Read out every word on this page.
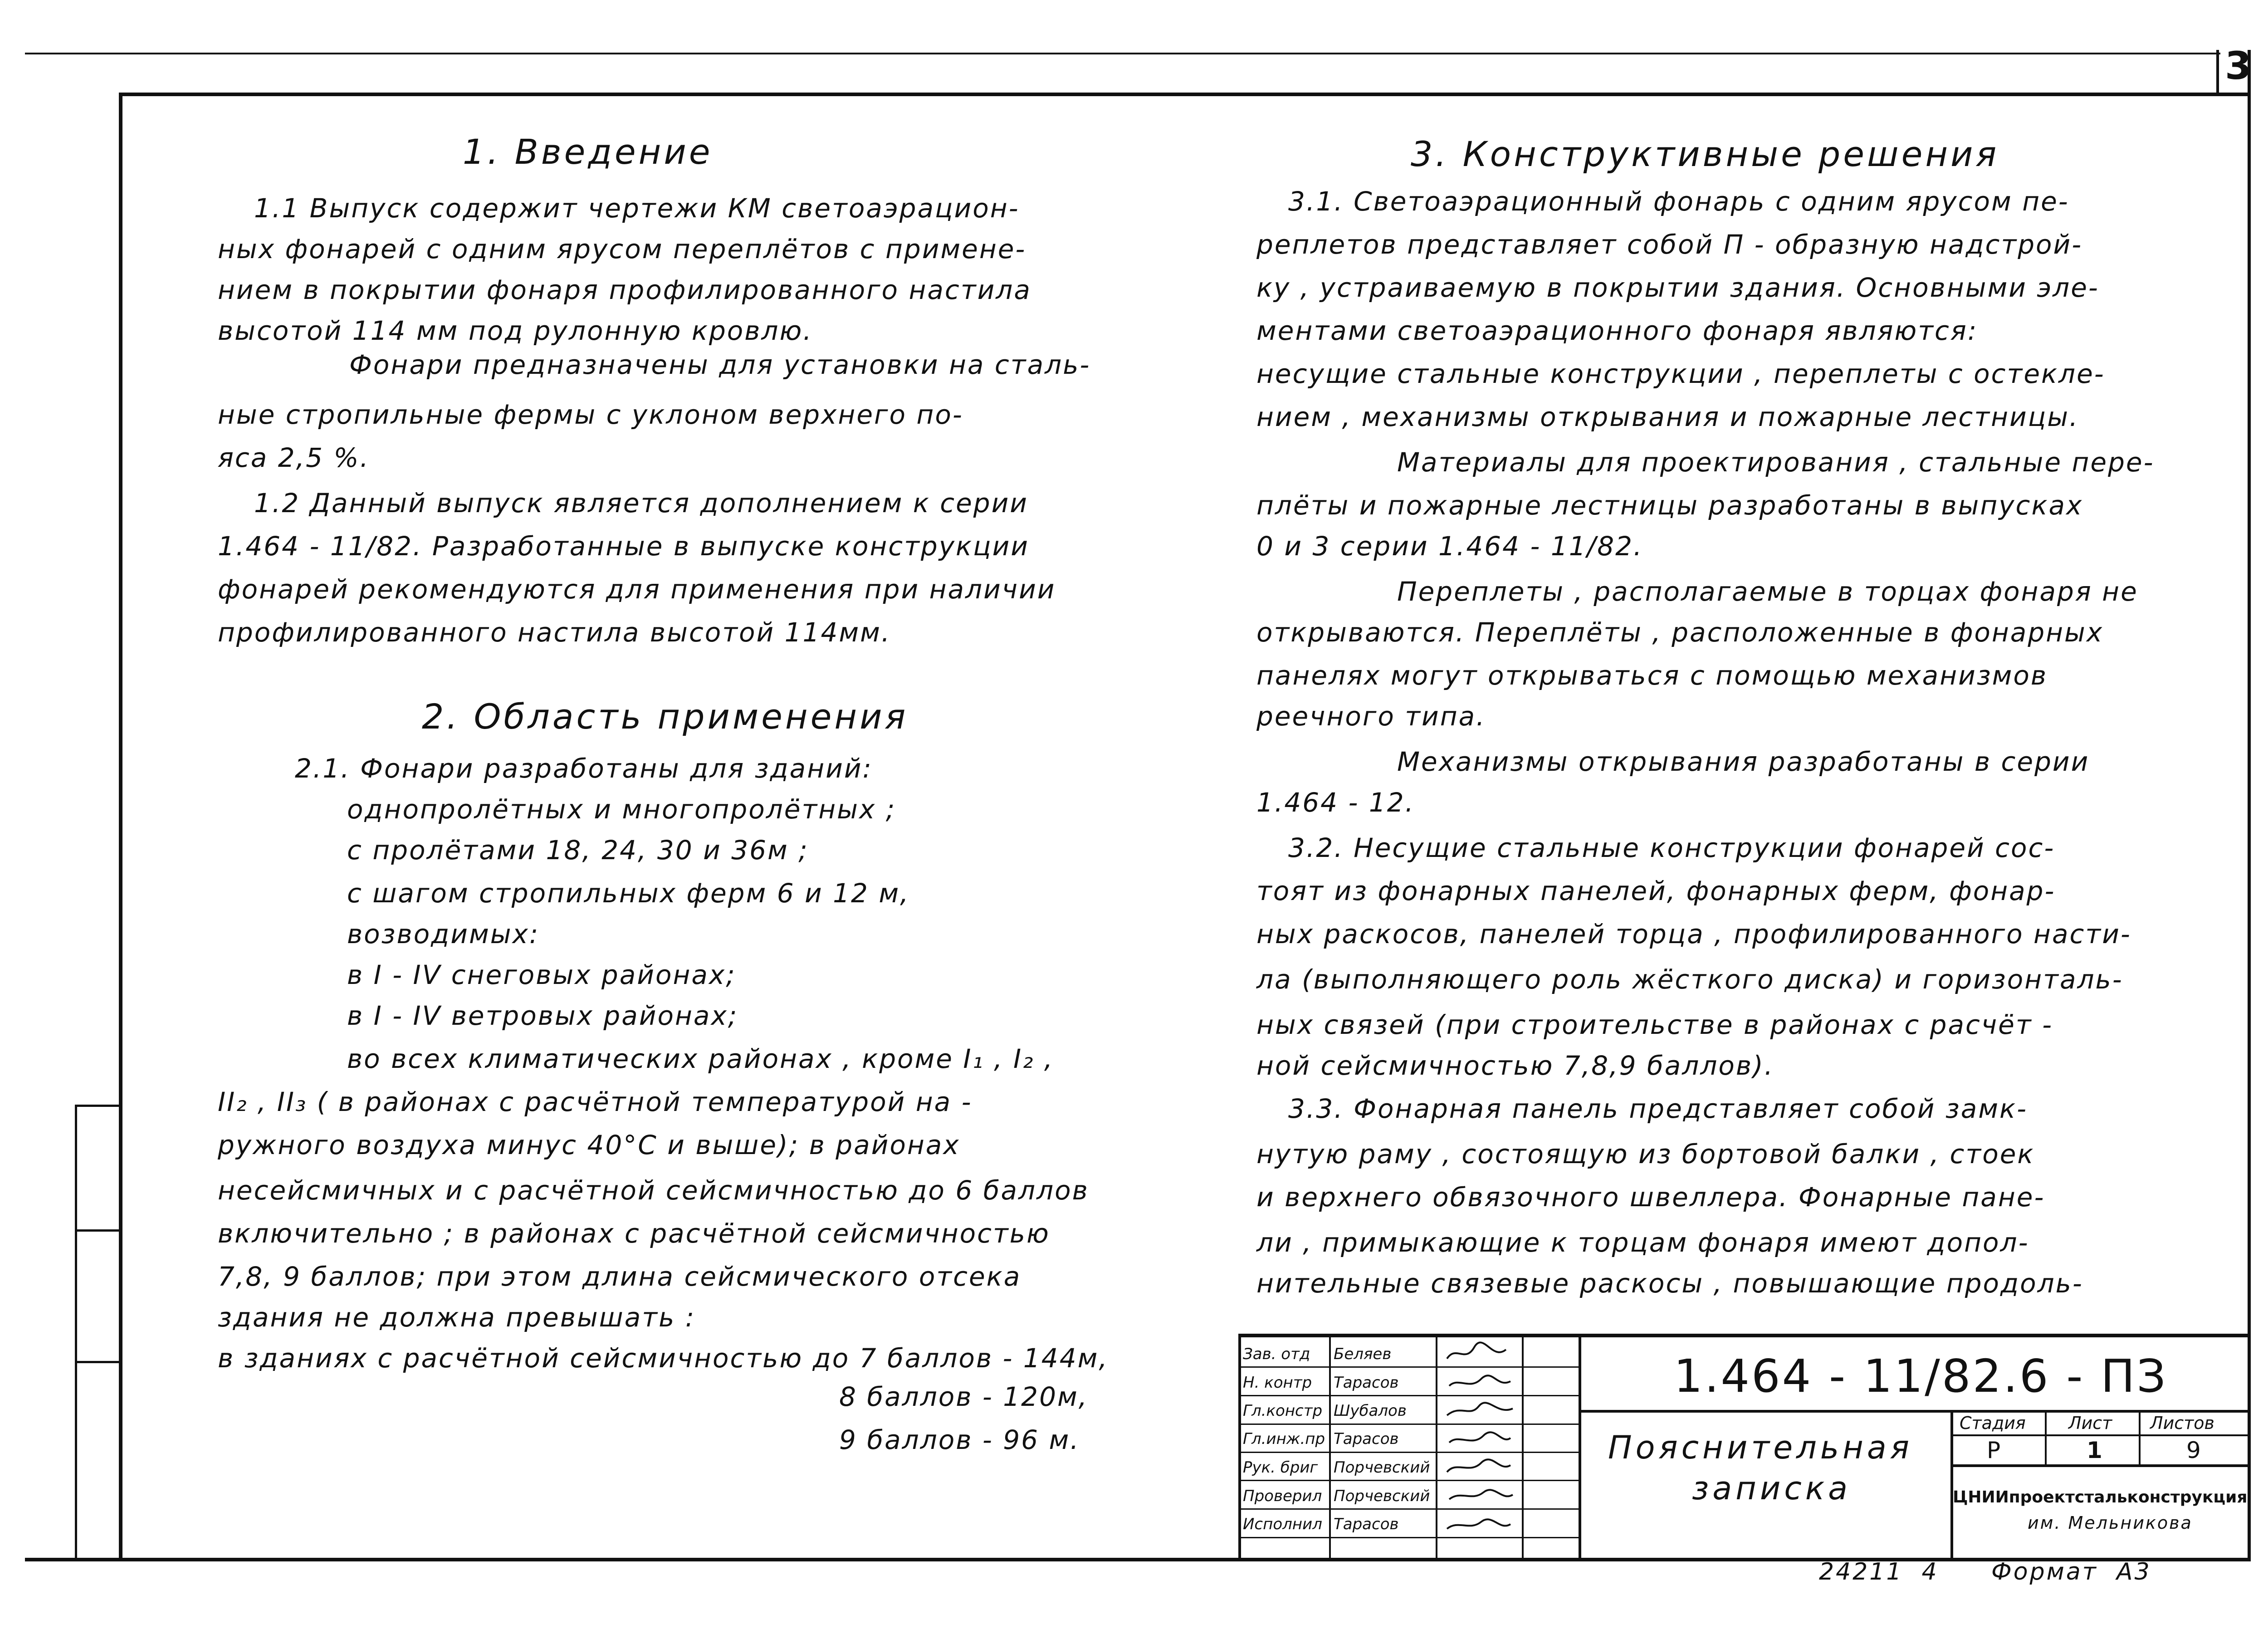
3
1. Введение
1.1 Выпуск содержит чертежи КМ светоаэрацион-
ных фонарей с одним ярусом переплётов с примене-
нием в покрытии фонаря профилированного настила
высотой 114 мм под рулонную кровлю.
Фонари предназначены для установки на сталь-
ные стропильные фермы с уклоном верхнего по-
яса 2,5 %.
1.2 Данный выпуск является дополнением к серии
1.464 - 11/82. Разработанные в выпуске конструкции
фонарей рекомендуются для применения при наличии
профилированного настила высотой 114мм.
2. Область применения
2.1. Фонари разработаны для зданий:
однопролётных и многопролётных ;
с пролётами 18, 24, 30 и 36м ;
с шагом стропильных ферм 6 и 12 м,
возводимых:
в I - IV снеговых районах;
в I - IV ветровых районах;
во всех климатических районах , кроме I₁ , I₂ ,
II₂ , II₃ ( в районах с расчётной температурой на -
ружного воздуха минус 40°С и выше); в районах
несейсмичных и с расчётной сейсмичностью до 6 баллов
включительно ; в районах с расчётной сейсмичностью
7,8, 9 баллов; при этом длина сейсмического отсека
здания не должна превышать :
в зданиях с расчётной сейсмичностью до 7 баллов - 144м,
8 баллов - 120м,
9 баллов - 96 м.
3. Конструктивные решения
3.1. Светоаэрационный фонарь с одним ярусом пе-
реплетов представляет собой П - образную надстрой-
ку , устраиваемую в покрытии здания. Основными эле-
ментами светоаэрационного фонаря являются:
несущие стальные конструкции , переплеты с остекле-
нием , механизмы открывания и пожарные лестницы.
Материалы для проектирования , стальные пере-
плёты и пожарные лестницы разработаны в выпусках
0 и 3 серии 1.464 - 11/82.
Переплеты , располагаемые в торцах фонаря не
открываются. Переплёты , расположенные в фонарных
панелях могут открываться с помощью механизмов
реечного типа.
Механизмы открывания разработаны в серии
1.464 - 12.
3.2. Несущие стальные конструкции фонарей сос-
тоят из фонарных панелей, фонарных ферм, фонар-
ных раскосов, панелей торца , профилированного насти-
ла (выполняющего роль жёсткого диска) и горизонталь-
ных связей (при строительстве в районах с расчёт -
ной сейсмичностью 7,8,9 баллов).
3.3. Фонарная панель представляет собой замк-
нутую раму , состоящую из бортовой балки , стоек
и верхнего обвязочного швеллера. Фонарные пане-
ли , примыкающие к торцам фонаря имеют допол-
нительные связевые раскосы , повышающие продоль-
1.464 - 11/82.6 - ПЗ
Пояснительная
записка
Стадия Лист Листов
Р	1	9
ЦНИИпроектстальконструкция
им. Мельникова
Зав. отд Беляев
Н. контр Тарасов
Гл.констр Шубалов
Гл.инж.пр Тарасов
Рук. бриг Порчевский
Проверил Порчевский
Исполнил Тарасов
24211  4 Формат  А3
